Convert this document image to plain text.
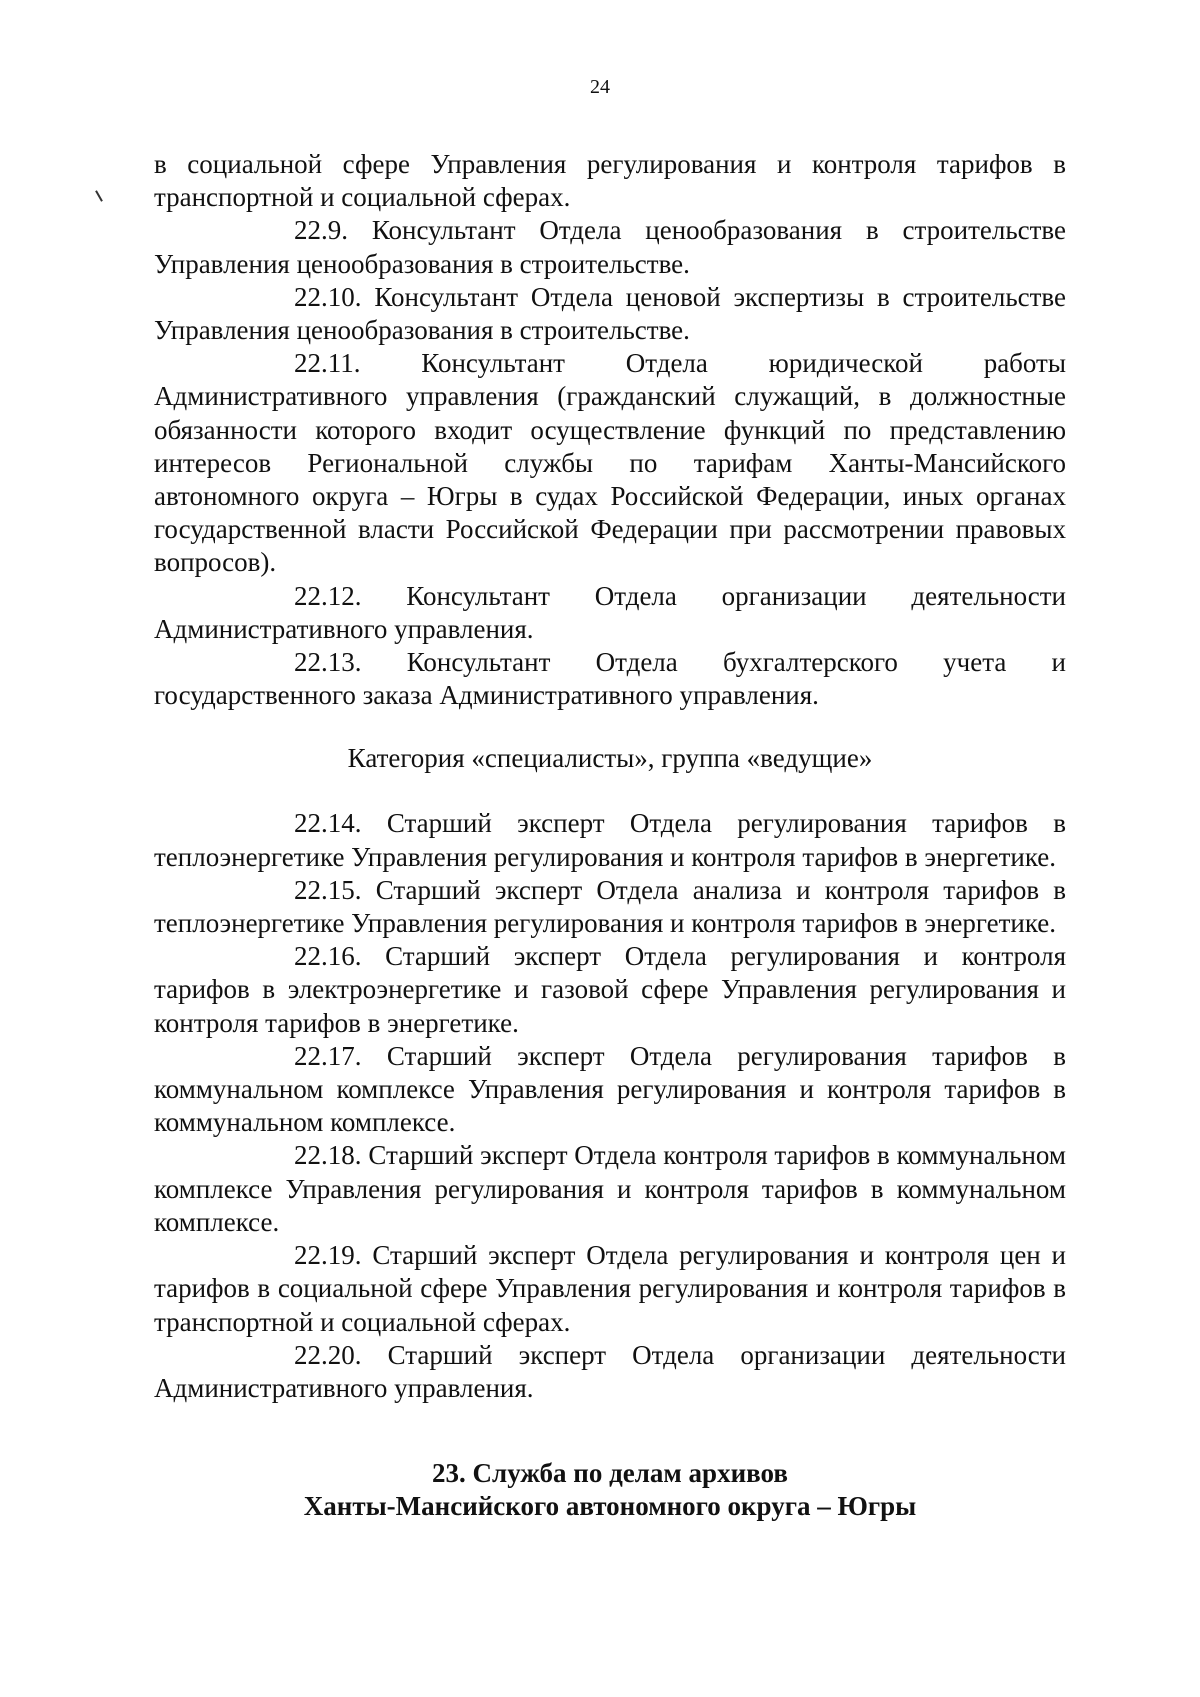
24

в социальной сфере Управления регулирования и контроля тарифов в транспортной и социальной сферах.

22.9. Консультант Отдела ценообразования в строительстве Управления ценообразования в строительстве.

22.10. Консультант Отдела ценовой экспертизы в строительстве Управления ценообразования в строительстве.

22.11. Консультант Отдела юридической работы Административного управления (гражданский служащий, в должностные обязанности которого входит осуществление функций по представлению интересов Региональной службы по тарифам Ханты-Мансийского автономного округа – Югры в судах Российской Федерации, иных органах государственной власти Российской Федерации при рассмотрении правовых вопросов).

22.12. Консультант Отдела организации деятельности Административного управления.

22.13. Консультант Отдела бухгалтерского учета и государственного заказа Административного управления.

Категория «специалисты», группа «ведущие»

22.14. Старший эксперт Отдела регулирования тарифов в теплоэнергетике Управления регулирования и контроля тарифов в энергетике.

22.15. Старший эксперт Отдела анализа и контроля тарифов в теплоэнергетике Управления регулирования и контроля тарифов в энергетике.

22.16. Старший эксперт Отдела регулирования и контроля тарифов в электроэнергетике и газовой сфере Управления регулирования и контроля тарифов в энергетике.

22.17. Старший эксперт Отдела регулирования тарифов в коммунальном комплексе Управления регулирования и контроля тарифов в коммунальном комплексе.

22.18. Старший эксперт Отдела контроля тарифов в коммунальном комплексе Управления регулирования и контроля тарифов в коммунальном комплексе.

22.19. Старший эксперт Отдела регулирования и контроля цен и тарифов в социальной сфере Управления регулирования и контроля тарифов в транспортной и социальной сферах.

22.20. Старший эксперт Отдела организации деятельности Административного управления.

23. Служба по делам архивов
Ханты-Мансийского автономного округа – Югры
